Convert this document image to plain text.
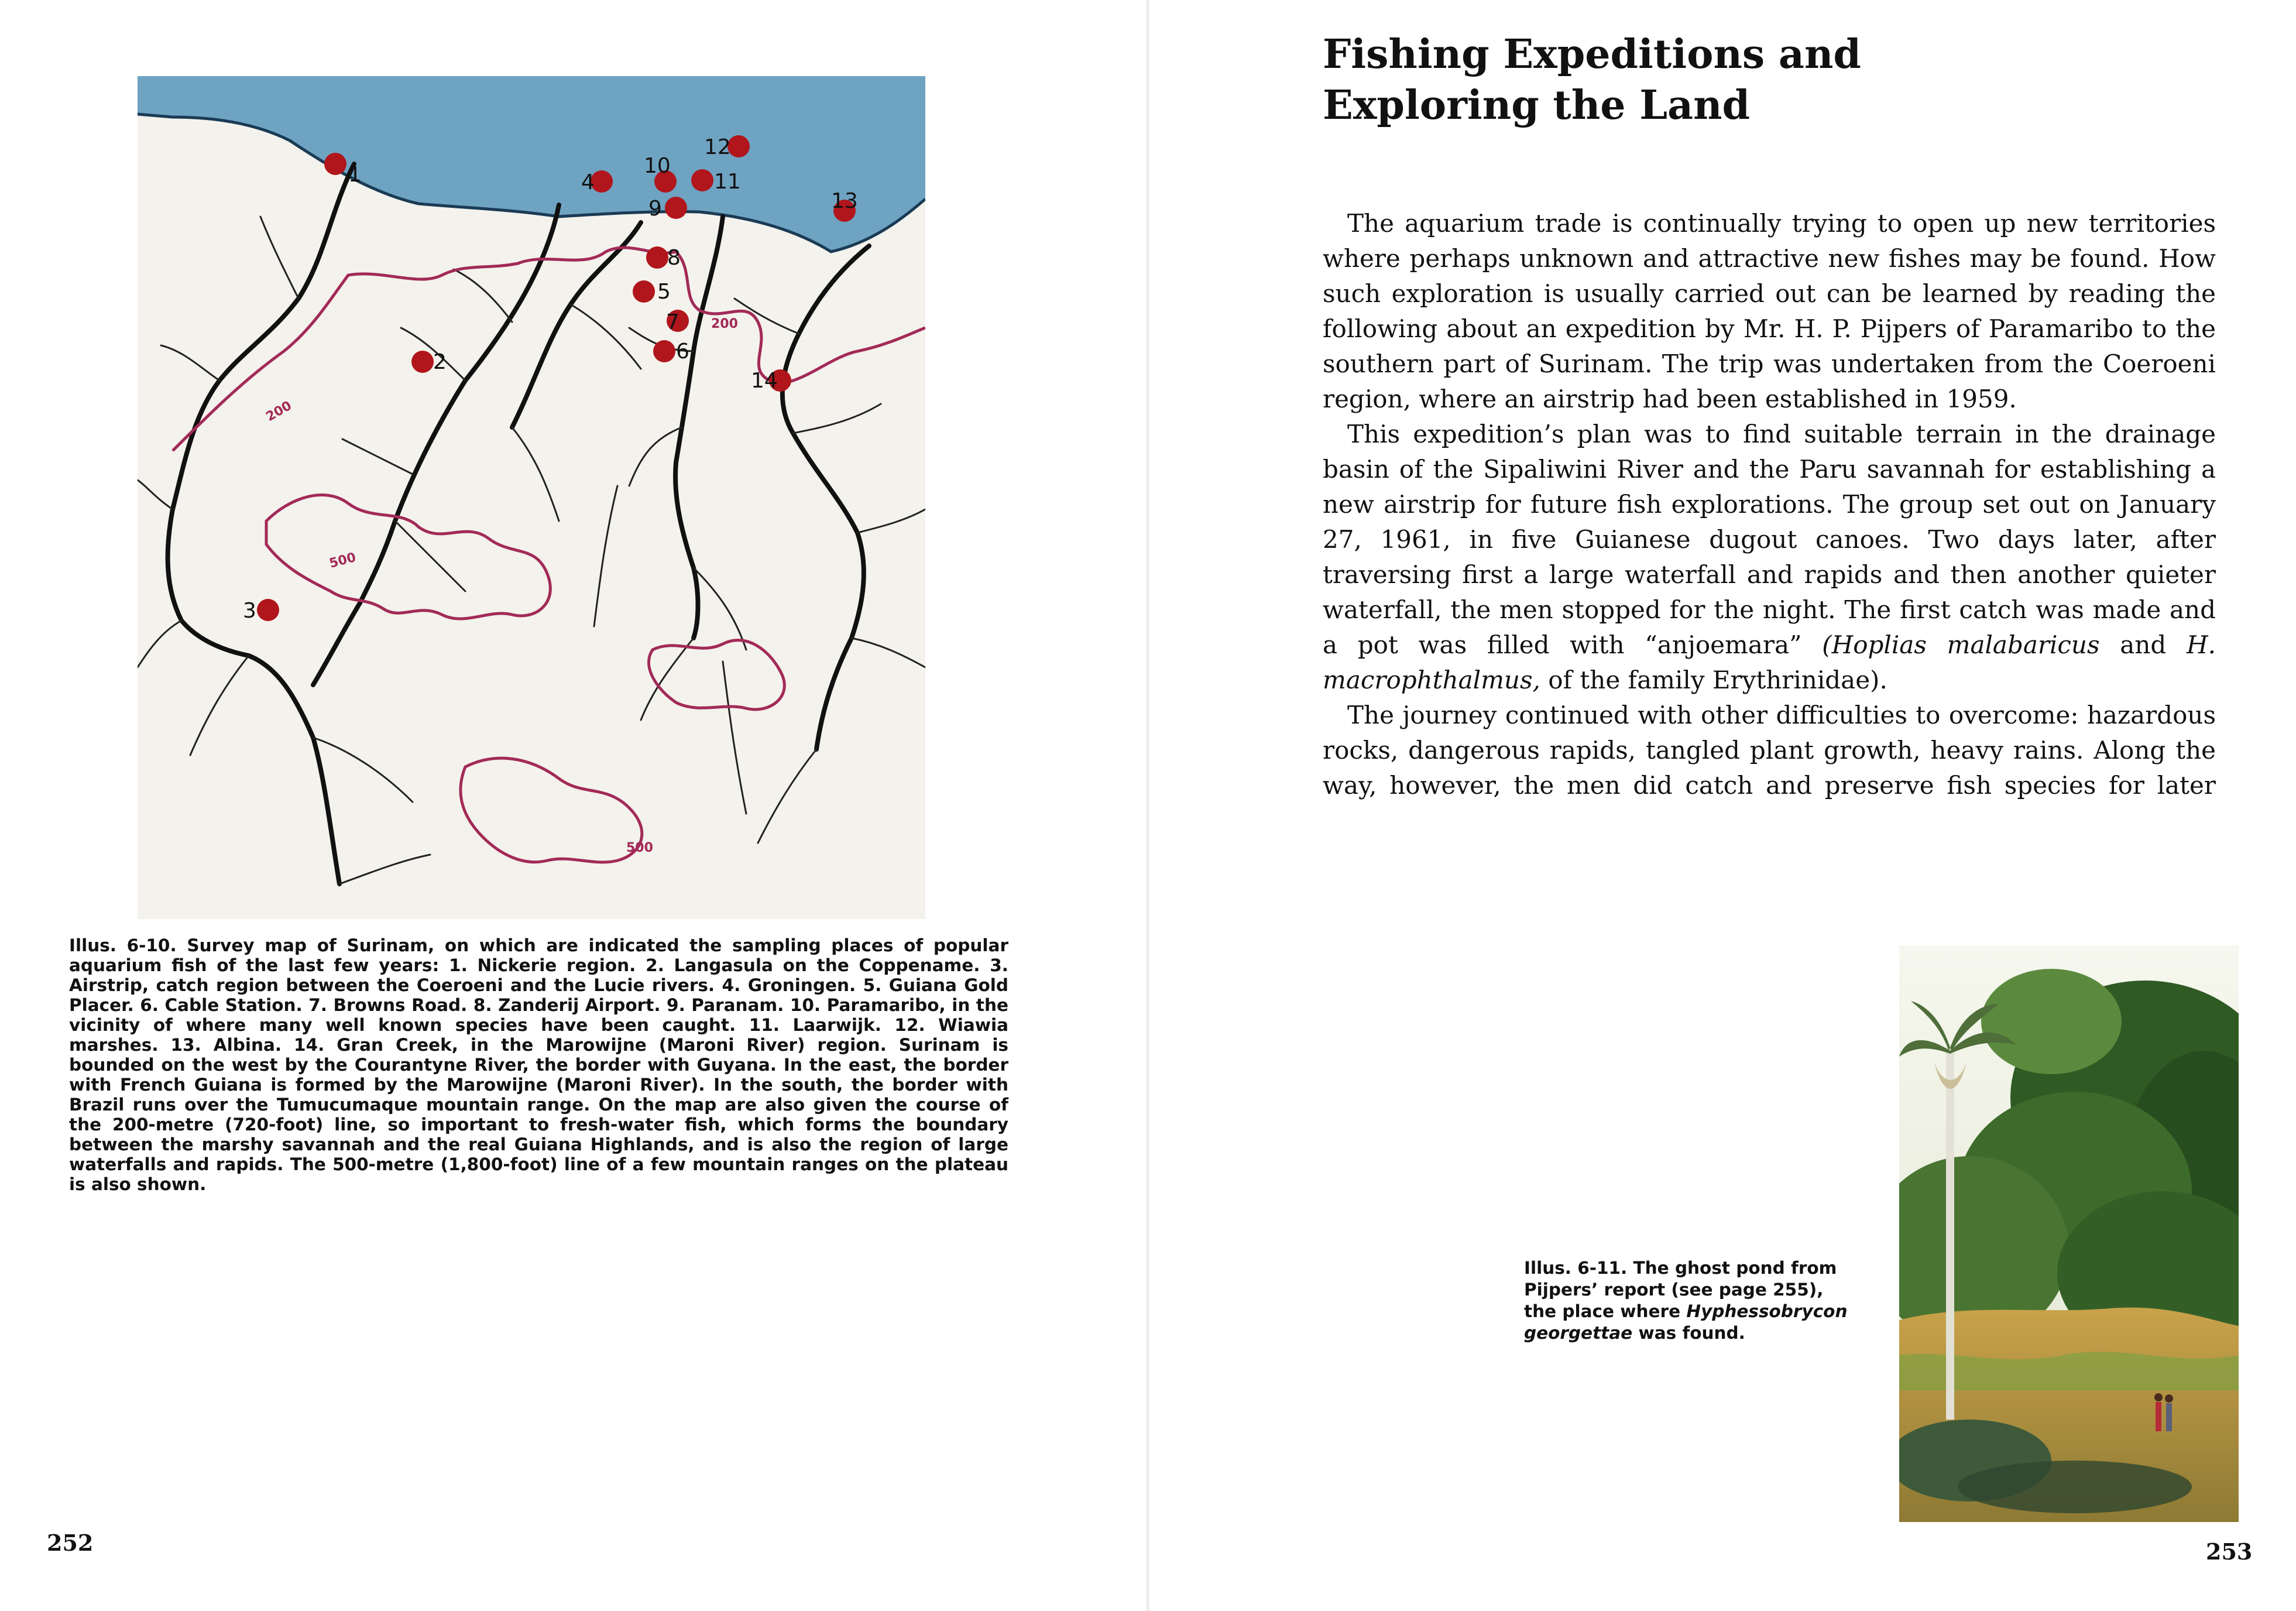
200
200
500
500
1
2
3
4
5
6
7
8
9
10
11
12
13
14

Illus. 6-10. Survey map of Surinam, on which are indicated the sampling places of popular aquarium fish of the last few years: 1. Nickerie region. 2. Langasula on the Coppename. 3. Airstrip, catch region between the Coeroeni and the Lucie rivers. 4. Groningen. 5. Guiana Gold Placer. 6. Cable Station. 7. Browns Road. 8. Zanderij Airport. 9. Paranam. 10. Paramaribo, in the vicinity of where many well known species have been caught. 11. Laarwijk. 12. Wiawia marshes. 13. Albina. 14. Gran Creek, in the Marowijne (Maroni River) region. Surinam is bounded on the west by the Courantyne River, the border with Guyana. In the east, the border with French Guiana is formed by the Marowijne (Maroni River). In the south, the border with Brazil runs over the Tumucumaque mountain range. On the map are also given the course of the 200-metre (720-foot) line, so important to fresh-water fish, which forms the boundary between the marshy savannah and the real Guiana Highlands, and is also the region of large waterfalls and rapids. The 500-metre (1,800-foot) line of a few mountain ranges on the plateau is also shown.

252
Fishing Expeditions and
Exploring the Land

The aquarium trade is continually trying to open up new territories where perhaps unknown and attractive new fishes may be found. How such exploration is usually carried out can be learned by reading the following about an expedition by Mr. H. P. Pijpers of Paramaribo to the southern part of Surinam. The trip was undertaken from the Coeroeni region, where an airstrip had been established in 1959.

This expedition’s plan was to find suitable terrain in the drainage basin of the Sipaliwini River and the Paru savannah for establishing a new airstrip for future fish explorations. The group set out on January 27, 1961, in five Guianese dugout canoes. Two days later, after traversing first a large waterfall and rapids and then another quieter waterfall, the men stopped for the night. The first catch was made and a pot was filled with “anjoemara” (Hoplias malabaricus and H. macrophthalmus, of the family Erythrinidae).

The journey continued with other difficulties to overcome: hazardous rocks, dangerous rapids, tangled plant growth, heavy rains. Along the way, however, the men did catch and preserve fish species for later

Illus. 6-11. The ghost pond from Pijpers’ report (see page 255), the place where Hyphessobrycon georgettae was found.

253
